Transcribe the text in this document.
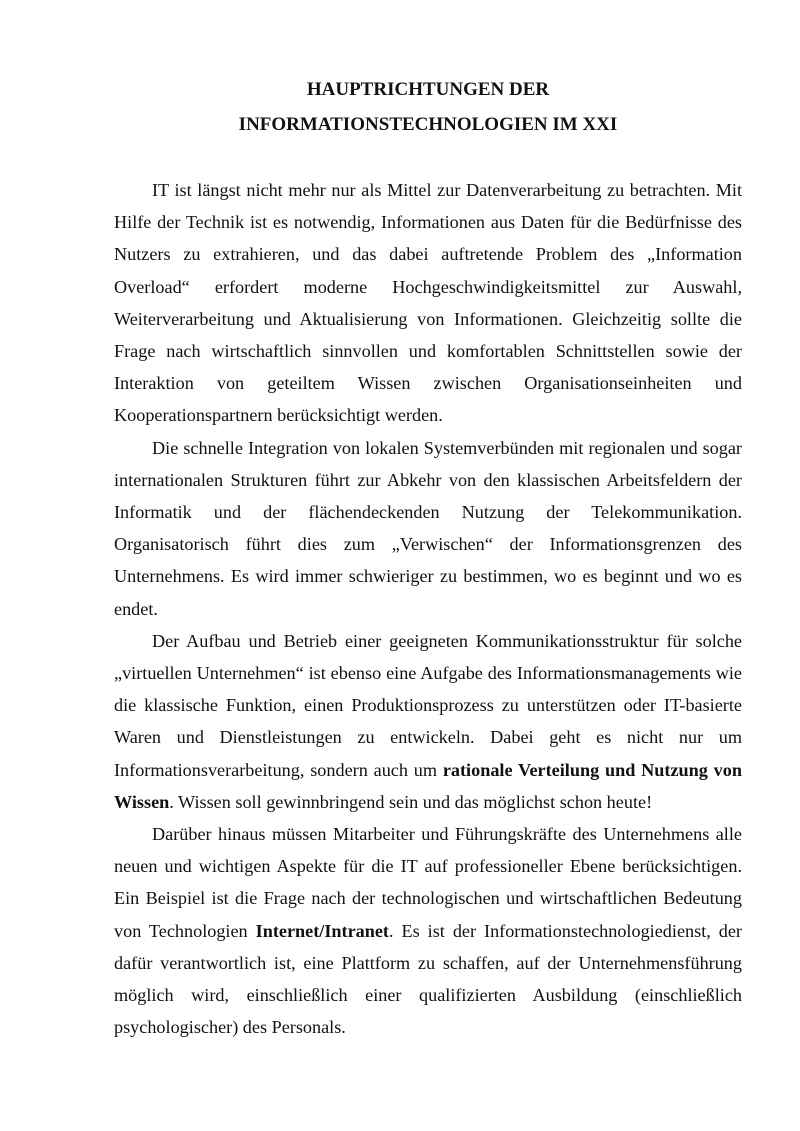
HAUPTRICHTUNGEN DER
INFORMATIONSTECHNOLOGIEN IM XXI

IT ist längst nicht mehr nur als Mittel zur Datenverarbeitung zu betrachten. Mit Hilfe der Technik ist es notwendig, Informationen aus Daten für die Bedürfnisse des Nutzers zu extrahieren, und das dabei auftretende Problem des „Information Overload“ erfordert moderne Hochgeschwindigkeitsmittel zur Auswahl, Weiterverarbeitung und Aktualisierung von Informationen. Gleichzeitig sollte die Frage nach wirtschaftlich sinnvollen und komfortablen Schnittstellen sowie der Interaktion von geteiltem Wissen zwischen Organisationseinheiten und Kooperationspartnern berücksichtigt werden.

Die schnelle Integration von lokalen Systemverbünden mit regionalen und sogar internationalen Strukturen führt zur Abkehr von den klassischen Arbeitsfeldern der Informatik und der flächendeckenden Nutzung der Telekommunikation. Organisatorisch führt dies zum „Verwischen“ der Informationsgrenzen des Unternehmens. Es wird immer schwieriger zu bestimmen, wo es beginnt und wo es endet.

Der Aufbau und Betrieb einer geeigneten Kommunikationsstruktur für solche „virtuellen Unternehmen“ ist ebenso eine Aufgabe des Informationsmanagements wie die klassische Funktion, einen Produktionsprozess zu unterstützen oder IT-basierte Waren und Dienstleistungen zu entwickeln. Dabei geht es nicht nur um Informationsverarbeitung, sondern auch um rationale Verteilung und Nutzung von Wissen. Wissen soll gewinnbringend sein und das möglichst schon heute!

Darüber hinaus müssen Mitarbeiter und Führungskräfte des Unternehmens alle neuen und wichtigen Aspekte für die IT auf professioneller Ebene berücksichtigen. Ein Beispiel ist die Frage nach der technologischen und wirtschaftlichen Bedeutung von Technologien Internet/Intranet. Es ist der Informationstechnologiedienst, der dafür verantwortlich ist, eine Plattform zu schaffen, auf der Unternehmensführung möglich wird, einschließlich einer qualifizierten Ausbildung (einschließlich psychologischer) des Personals.
